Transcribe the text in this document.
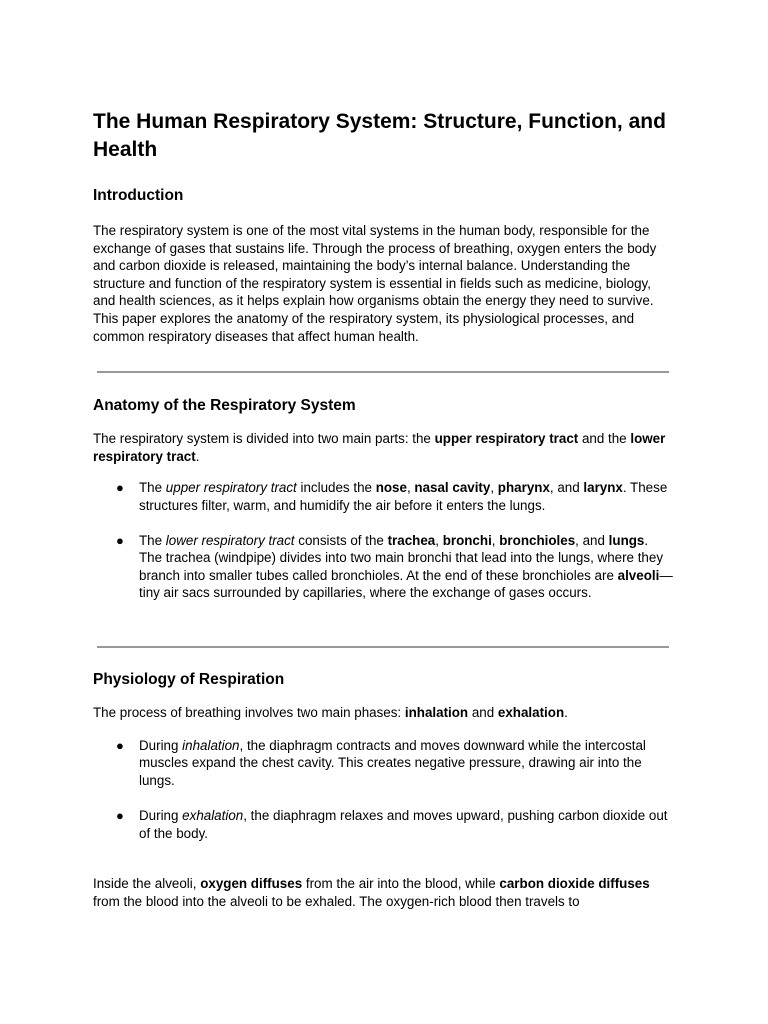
The Human Respiratory System: Structure, Function, and Health
Introduction

The respiratory system is one of the most vital systems in the human body, responsible for the exchange of gases that sustains life. Through the process of breathing, oxygen enters the body and carbon dioxide is released, maintaining the body’s internal balance. Understanding the structure and function of the respiratory system is essential in fields such as medicine, biology, and health sciences, as it helps explain how organisms obtain the energy they need to survive. This paper explores the anatomy of the respiratory system, its physiological processes, and common respiratory diseases that affect human health.

Anatomy of the Respiratory System

The respiratory system is divided into two main parts: the upper respiratory tract and the lower respiratory tract.

● The upper respiratory tract includes the nose, nasal cavity, pharynx, and larynx. These structures filter, warm, and humidify the air before it enters the lungs.
● The lower respiratory tract consists of the trachea, bronchi, bronchioles, and lungs. The trachea (windpipe) divides into two main bronchi that lead into the lungs, where they branch into smaller tubes called bronchioles. At the end of these bronchioles are alveoli—tiny air sacs surrounded by capillaries, where the exchange of gases occurs.
Physiology of Respiration

The process of breathing involves two main phases: inhalation and exhalation.

● During inhalation, the diaphragm contracts and moves downward while the intercostal muscles expand the chest cavity. This creates negative pressure, drawing air into the lungs.
● During exhalation, the diaphragm relaxes and moves upward, pushing carbon dioxide out of the body.

Inside the alveoli, oxygen diffuses from the air into the blood, while carbon dioxide diffuses from the blood into the alveoli to be exhaled. The oxygen-rich blood then travels to
